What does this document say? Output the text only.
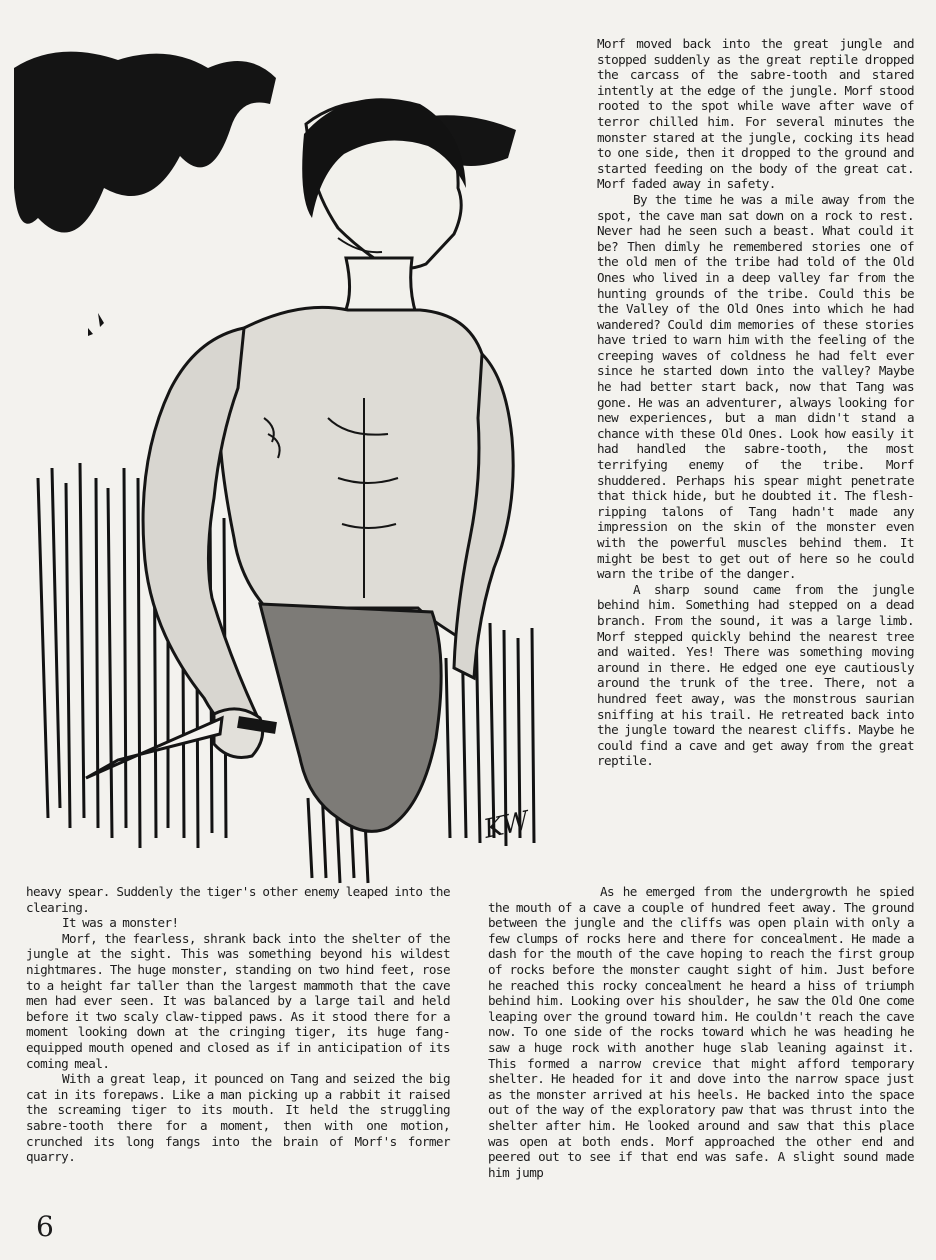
KW

Morf moved back into the great jungle and stopped suddenly as the great reptile dropped the carcass of the sabre-tooth and stared intently at the edge of the jungle. Morf stood rooted to the spot while wave after wave of terror chilled him. For several minutes the monster stared at the jungle, cocking its head to one side, then it dropped to the ground and started feeding on the body of the great cat. Morf faded away in safety.

By the time he was a mile away from the spot, the cave man sat down on a rock to rest. Never had he seen such a beast. What could it be? Then dimly he remembered stories one of the old men of the tribe had told of the Old Ones who lived in a deep valley far from the hunting grounds of the tribe. Could this be the Valley of the Old Ones into which he had wandered? Could dim memories of these stories have tried to warn him with the feeling of the creeping waves of coldness he had felt ever since he started down into the valley? Maybe he had better start back, now that Tang was gone. He was an adventurer, always looking for new experiences, but a man didn't stand a chance with these Old Ones. Look how easily it had handled the sabre-tooth, the most terrifying enemy of the tribe. Morf shuddered. Perhaps his spear might penetrate that thick hide, but he doubted it. The flesh-ripping talons of Tang hadn't made any impression on the skin of the monster even with the powerful muscles behind them. It might be best to get out of here so he could warn the tribe of the danger.

A sharp sound came from the jungle behind him. Something had stepped on a dead branch. From the sound, it was a large limb. Morf stepped quickly behind the nearest tree and waited. Yes! There was something moving around in there. He edged one eye cautiously around the trunk of the tree. There, not a hundred feet away, was the monstrous saurian sniffing at his trail. He retreated back into the jungle toward the nearest cliffs. Maybe he could find a cave and get away from the great reptile.

heavy spear. Suddenly the tiger's other enemy leaped into the clearing.

It was a monster!

Morf, the fearless, shrank back into the shelter of the jungle at the sight. This was something beyond his wildest nightmares. The huge monster, standing on two hind feet, rose to a height far taller than the largest mammoth that the cave men had ever seen. It was balanced by a large tail and held before it two scaly claw-tipped paws. As it stood there for a moment looking down at the cringing tiger, its huge fang-equipped mouth opened and closed as if in anticipation of its coming meal.

With a great leap, it pounced on Tang and seized the big cat in its forepaws. Like a man picking up a rabbit it raised the screaming tiger to its mouth. It held the struggling sabre-tooth there for a moment, then with one motion, crunched its long fangs into the brain of Morf's former quarry.

As he emerged from the undergrowth he spied the mouth of a cave a couple of hundred feet away. The ground between the jungle and the cliffs was open plain with only a few clumps of rocks here and there for concealment. He made a dash for the mouth of the cave hoping to reach the first group of rocks before the monster caught sight of him. Just before he reached this rocky concealment he heard a hiss of triumph behind him. Looking over his shoulder, he saw the Old One come leaping over the ground toward him. He couldn't reach the cave now. To one side of the rocks toward which he was heading he saw a huge rock with another huge slab leaning against it. This formed a narrow crevice that might afford temporary shelter. He headed for it and dove into the narrow space just as the monster arrived at his heels. He backed into the space out of the way of the exploratory paw that was thrust into the shelter after him. He looked around and saw that this place was open at both ends. Morf approached the other end and peered out to see if that end was safe. A slight sound made him jump

6
